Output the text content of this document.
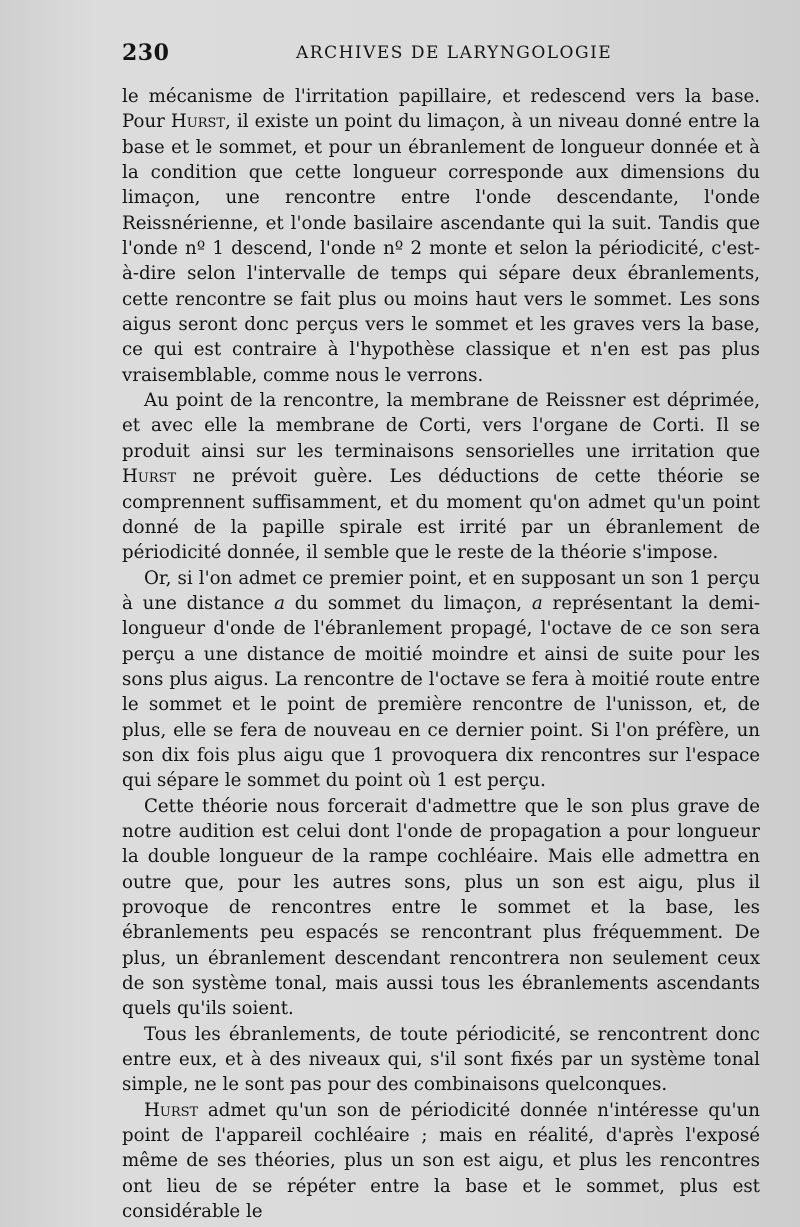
230	ARCHIVES DE LARYNGOLOGIE

le mécanisme de l'irritation papillaire, et redescend vers la base. Pour Hurst, il existe un point du limaçon, à un niveau donné entre la base et le sommet, et pour un ébranlement de longueur donnée et à la condition que cette longueur corresponde aux dimensions du limaçon, une rencontre entre l'onde descendante, l'onde Reissnérienne, et l'onde basilaire ascendante qui la suit. Tandis que l'onde nº 1 descend, l'onde nº 2 monte et selon la périodicité, c'est-à-dire selon l'intervalle de temps qui sépare deux ébranlements, cette rencontre se fait plus ou moins haut vers le sommet. Les sons aigus seront donc perçus vers le sommet et les graves vers la base, ce qui est contraire à l'hypothèse classique et n'en est pas plus vraisemblable, comme nous le verrons.

Au point de la rencontre, la membrane de Reissner est déprimée, et avec elle la membrane de Corti, vers l'organe de Corti. Il se produit ainsi sur les terminaisons sensorielles une irritation que Hurst ne prévoit guère. Les déductions de cette théorie se comprennent suffisamment, et du moment qu'on admet qu'un point donné de la papille spirale est irrité par un ébranlement de périodicité donnée, il semble que le reste de la théorie s'impose.

Or, si l'on admet ce premier point, et en supposant un son 1 perçu à une distance a du sommet du limaçon, a représentant la demi-longueur d'onde de l'ébranlement propagé, l'octave de ce son sera perçu a une distance de moitié moindre et ainsi de suite pour les sons plus aigus. La rencontre de l'octave se fera à moitié route entre le sommet et le point de première rencontre de l'unisson, et, de plus, elle se fera de nouveau en ce dernier point. Si l'on préfère, un son dix fois plus aigu que 1 provoquera dix rencontres sur l'espace qui sépare le sommet du point où 1 est perçu.

Cette théorie nous forcerait d'admettre que le son plus grave de notre audition est celui dont l'onde de propagation a pour longueur la double longueur de la rampe cochléaire. Mais elle admettra en outre que, pour les autres sons, plus un son est aigu, plus il provoque de rencontres entre le sommet et la base, les ébranlements peu espacés se rencontrant plus fréquemment. De plus, un ébranlement descendant rencontrera non seulement ceux de son système tonal, mais aussi tous les ébranlements ascendants quels qu'ils soient.

Tous les ébranlements, de toute périodicité, se rencontrent donc entre eux, et à des niveaux qui, s'il sont fixés par un système tonal simple, ne le sont pas pour des combinaisons quelconques.

Hurst admet qu'un son de périodicité donnée n'intéresse qu'un point de l'appareil cochléaire ; mais en réalité, d'après l'exposé même de ses théories, plus un son est aigu, et plus les rencontres ont lieu de se répéter entre la base et le sommet, plus est considérable le
